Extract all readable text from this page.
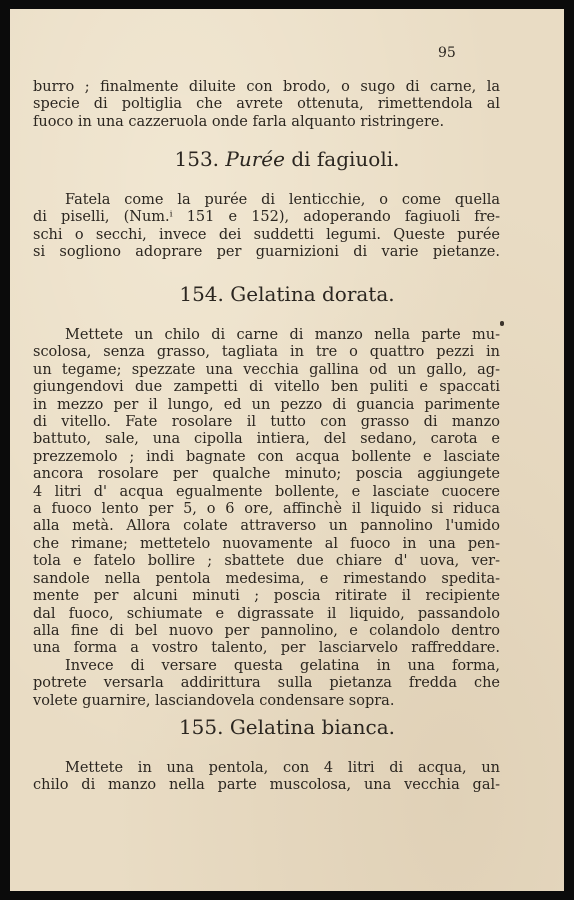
95
burro ; finalmente diluite con brodo, o sugo di carne, la
specie di poltiglia che avrete ottenuta, rimettendola al
fuoco in una cazzeruola onde farla alquanto ristringere.
153. Purée di fagiuoli.
Fatela come la purée di lenticchie, o come quella
di piselli, (Num.ⁱ 151 e 152), adoperando fagiuoli fre-
schi o secchi, invece dei suddetti legumi. Queste purée
si sogliono adoprare per guarnizioni di varie pietanze.
154. Gelatina dorata.
Mettete un chilo di carne di manzo nella parte mu-
scolosa, senza grasso, tagliata in tre o quattro pezzi in
un tegame; spezzate una vecchia gallina od un gallo, ag-
giungendovi due zampetti di vitello ben puliti e spaccati
in mezzo per il lungo, ed un pezzo di guancia parimente
di vitello. Fate rosolare il tutto con grasso di manzo
battuto, sale, una cipolla intiera, del sedano, carota e
prezzemolo ; indi bagnate con acqua bollente e lasciate
ancora rosolare per qualche minuto; poscia aggiungete
4 litri d' acqua egualmente bollente, e lasciate cuocere
a fuoco lento per 5, o 6 ore, affinchè il liquido si riduca
alla metà. Allora colate attraverso un pannolino l'umido
che rimane; mettetelo nuovamente al fuoco in una pen-
tola e fatelo bollire ; sbattete due chiare d' uova, ver-
sandole nella pentola medesima, e rimestando spedita-
mente per alcuni minuti ; poscia ritirate il recipiente
dal fuoco, schiumate e digrassate il liquido, passandolo
alla fine di bel nuovo per pannolino, e colandolo dentro
una forma a vostro talento, per lasciarvelo raffreddare.
Invece di versare questa gelatina in una forma,
potrete versarla addirittura sulla pietanza fredda che
volete guarnire, lasciandovela condensare sopra.
155. Gelatina bianca.
Mettete in una pentola, con 4 litri di acqua, un
chilo di manzo nella parte muscolosa, una vecchia gal-
